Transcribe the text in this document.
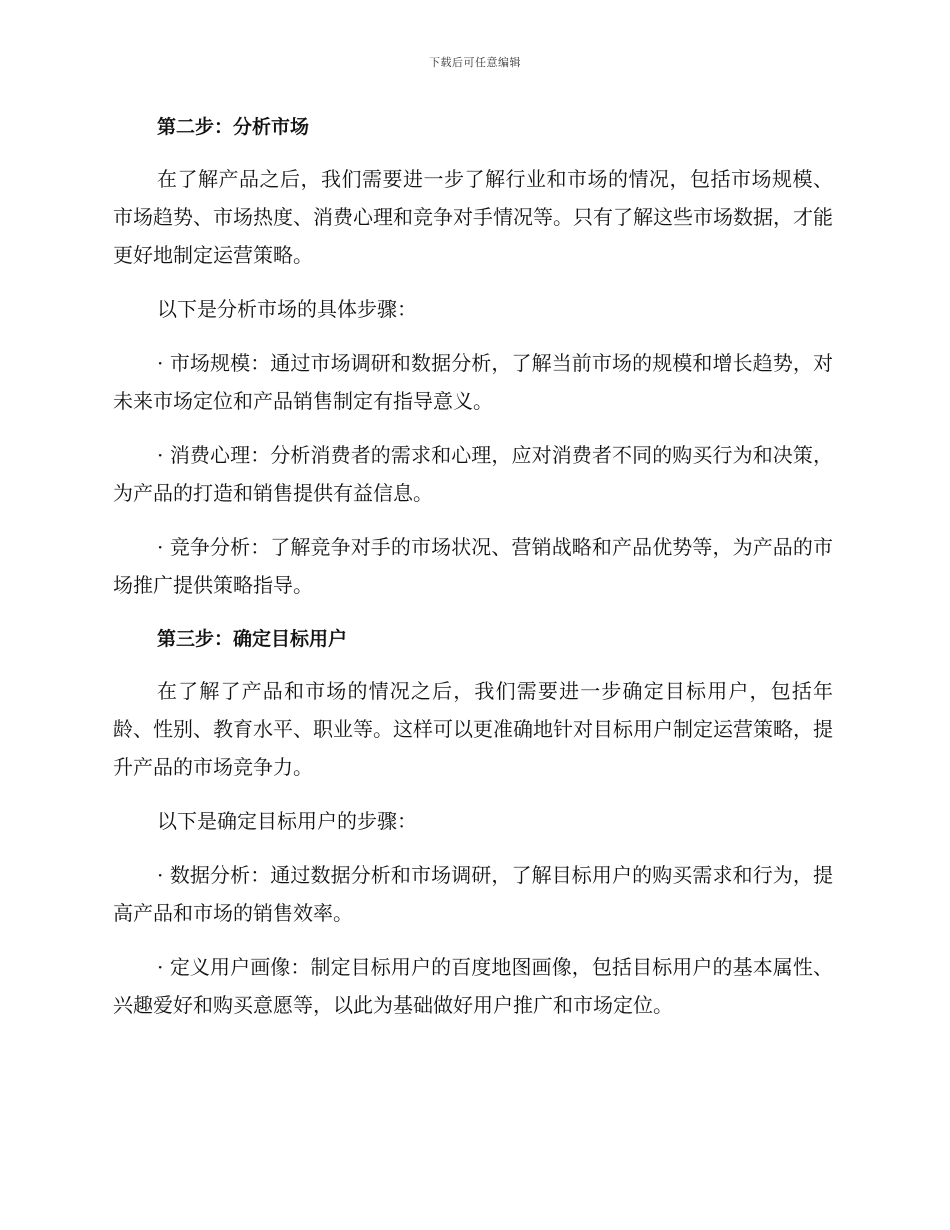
下载后可任意编辑

第二步：分析市场

在了解产品之后，我们需要进一步了解行业和市场的情况，包括市场规模、市场趋势、市场热度、消费心理和竞争对手情况等。只有了解这些市场数据，才能更好地制定运营策略。

以下是分析市场的具体步骤：

· 市场规模：通过市场调研和数据分析，了解当前市场的规模和增长趋势，对未来市场定位和产品销售制定有指导意义。

· 消费心理：分析消费者的需求和心理，应对消费者不同的购买行为和决策，为产品的打造和销售提供有益信息。

· 竞争分析：了解竞争对手的市场状况、营销战略和产品优势等，为产品的市场推广提供策略指导。

第三步：确定目标用户

在了解了产品和市场的情况之后，我们需要进一步确定目标用户，包括年龄、性别、教育水平、职业等。这样可以更准确地针对目标用户制定运营策略，提升产品的市场竞争力。

以下是确定目标用户的步骤：

· 数据分析：通过数据分析和市场调研，了解目标用户的购买需求和行为，提高产品和市场的销售效率。

· 定义用户画像：制定目标用户的百度地图画像，包括目标用户的基本属性、兴趣爱好和购买意愿等，以此为基础做好用户推广和市场定位。
